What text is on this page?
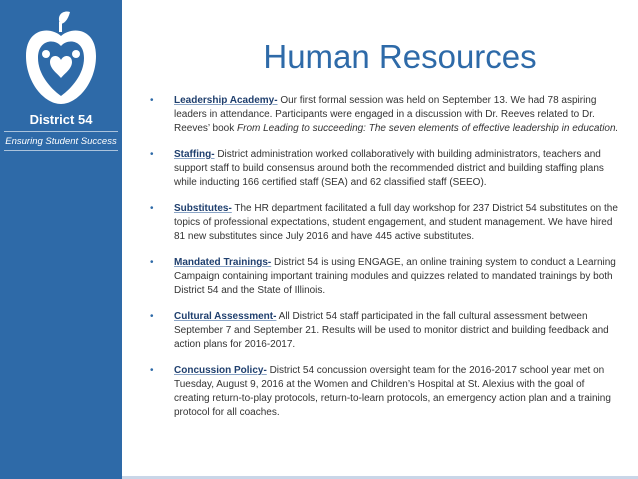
District 54
Ensuring Student Success
Human Resources
• Leadership Academy- Our first formal session was held on September 13. We had 78 aspiring leaders in attendance. Participants were engaged in a discussion with Dr. Reeves related to Dr. Reeves’ book From Leading to succeeding: The seven elements of effective leadership in education.

• Staffing- District administration worked collaboratively with building administrators, teachers and support staff to build consensus around both the recommended district and building staffing plans while inducting 166 certified staff (SEA) and 62 classified staff (SEEO).

• Substitutes- The HR department facilitated a full day workshop for 237 District 54 substitutes on the topics of professional expectations, student engagement, and student management. We have hired 81 new substitutes since July 2016 and have 445 active substitutes.

• Mandated Trainings- District 54 is using ENGAGE, an online training system to conduct a Learning Campaign containing important training modules and quizzes related to mandated trainings by both District 54 and the State of Illinois.

• Cultural Assessment- All District 54 staff participated in the fall cultural assessment between September 7 and September 21. Results will be used to monitor district and building feedback and action plans for 2016-2017.

• Concussion Policy- District 54 concussion oversight team for the 2016-2017 school year met on Tuesday, August 9, 2016 at the Women and Children’s Hospital at St. Alexius with the goal of creating return-to-play protocols, return-to-learn protocols, an emergency action plan and a training protocol for all coaches.
